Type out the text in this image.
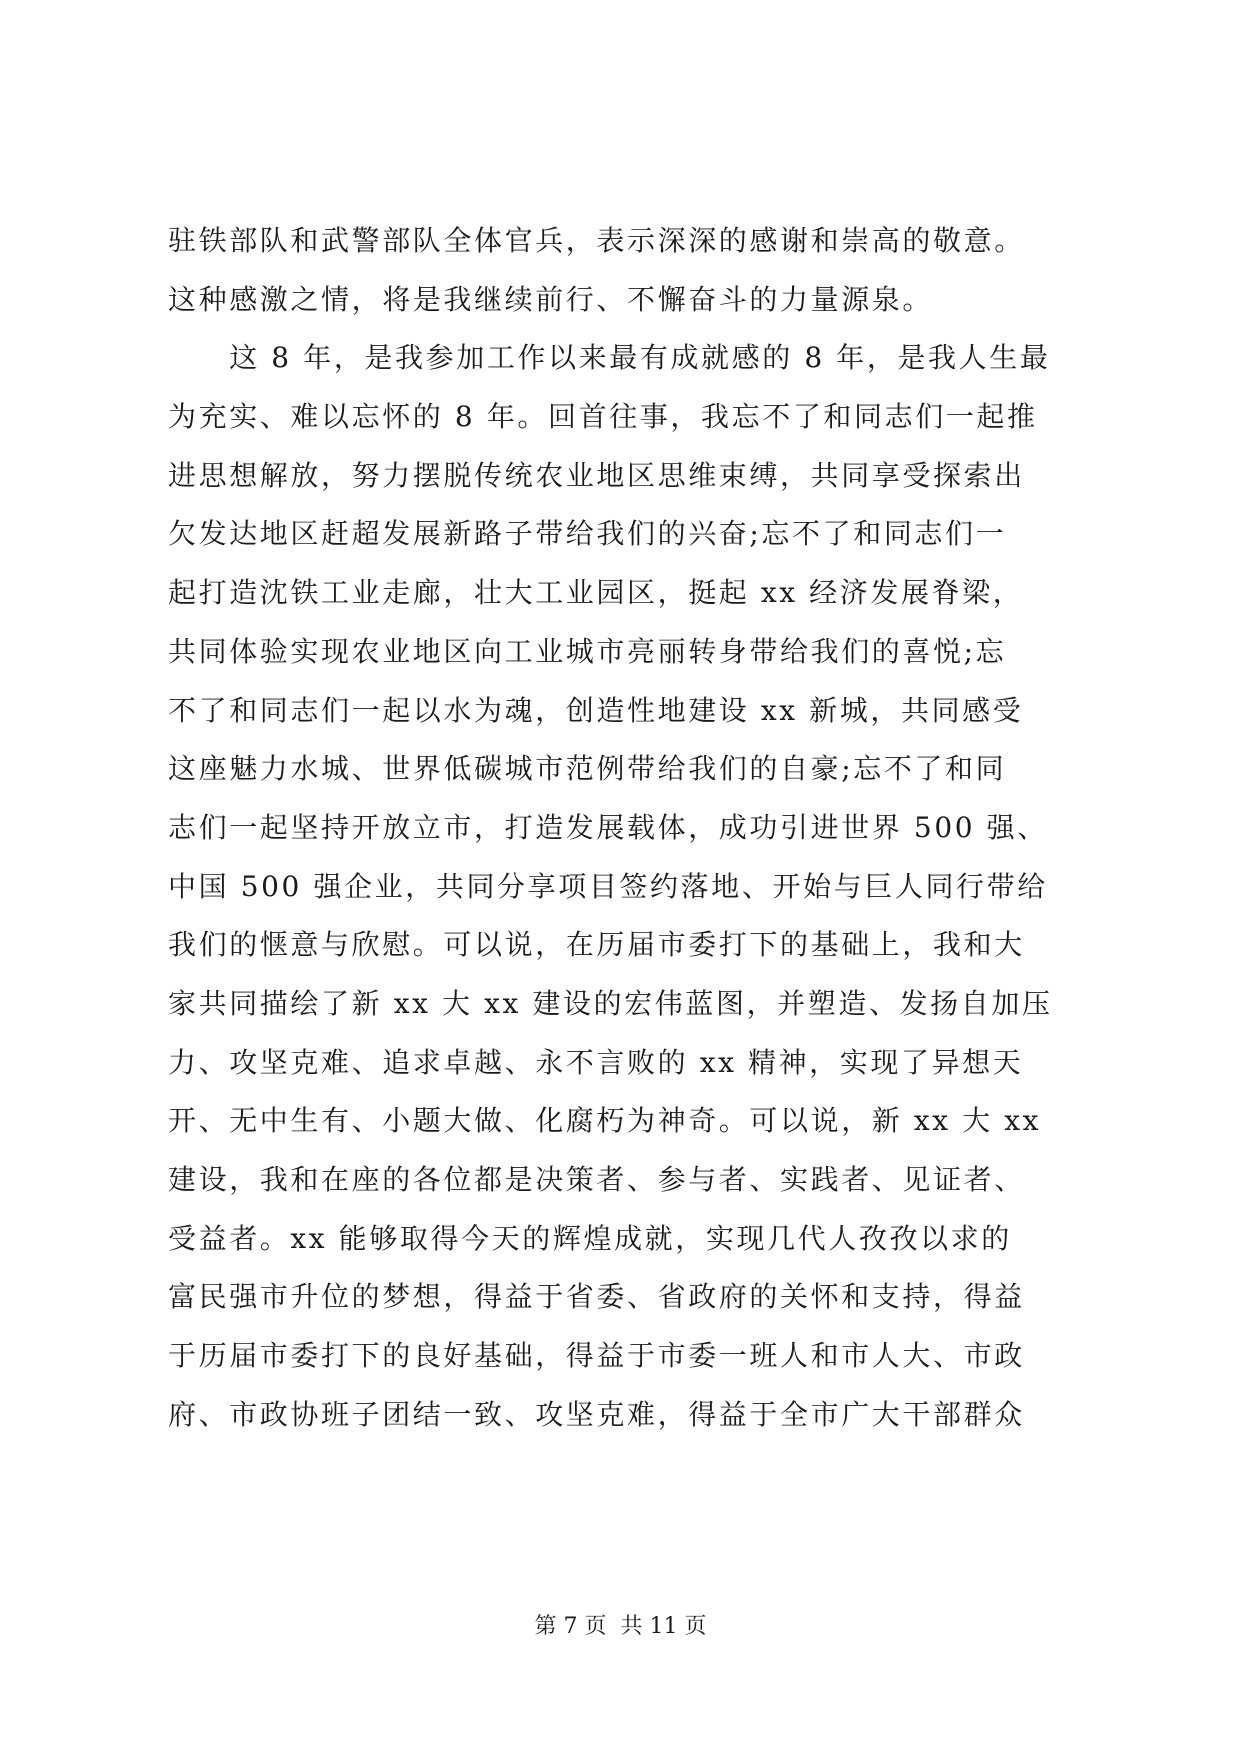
驻铁部队和武警部队全体官兵，表示深深的感谢和崇高的敬意。
这种感激之情，将是我继续前行、不懈奋斗的力量源泉。
　　这 8 年，是我参加工作以来最有成就感的 8 年，是我人生最
为充实、难以忘怀的 8 年。回首往事，我忘不了和同志们一起推
进思想解放，努力摆脱传统农业地区思维束缚，共同享受探索出
欠发达地区赶超发展新路子带给我们的兴奋;忘不了和同志们一
起打造沈铁工业走廊，壮大工业园区，挺起 xx 经济发展脊梁，
共同体验实现农业地区向工业城市亮丽转身带给我们的喜悦;忘
不了和同志们一起以水为魂，创造性地建设 xx 新城，共同感受
这座魅力水城、世界低碳城市范例带给我们的自豪;忘不了和同
志们一起坚持开放立市，打造发展载体，成功引进世界 500 强、
中国 500 强企业，共同分享项目签约落地、开始与巨人同行带给
我们的惬意与欣慰。可以说，在历届市委打下的基础上，我和大
家共同描绘了新 xx 大 xx 建设的宏伟蓝图，并塑造、发扬自加压
力、攻坚克难、追求卓越、永不言败的 xx 精神，实现了异想天
开、无中生有、小题大做、化腐朽为神奇。可以说，新 xx 大 xx
建设，我和在座的各位都是决策者、参与者、实践者、见证者、
受益者。xx 能够取得今天的辉煌成就，实现几代人孜孜以求的
富民强市升位的梦想，得益于省委、省政府的关怀和支持，得益
于历届市委打下的良好基础，得益于市委一班人和市人大、市政
府、市政协班子团结一致、攻坚克难，得益于全市广大干部群众
第 7 页  共 11 页
